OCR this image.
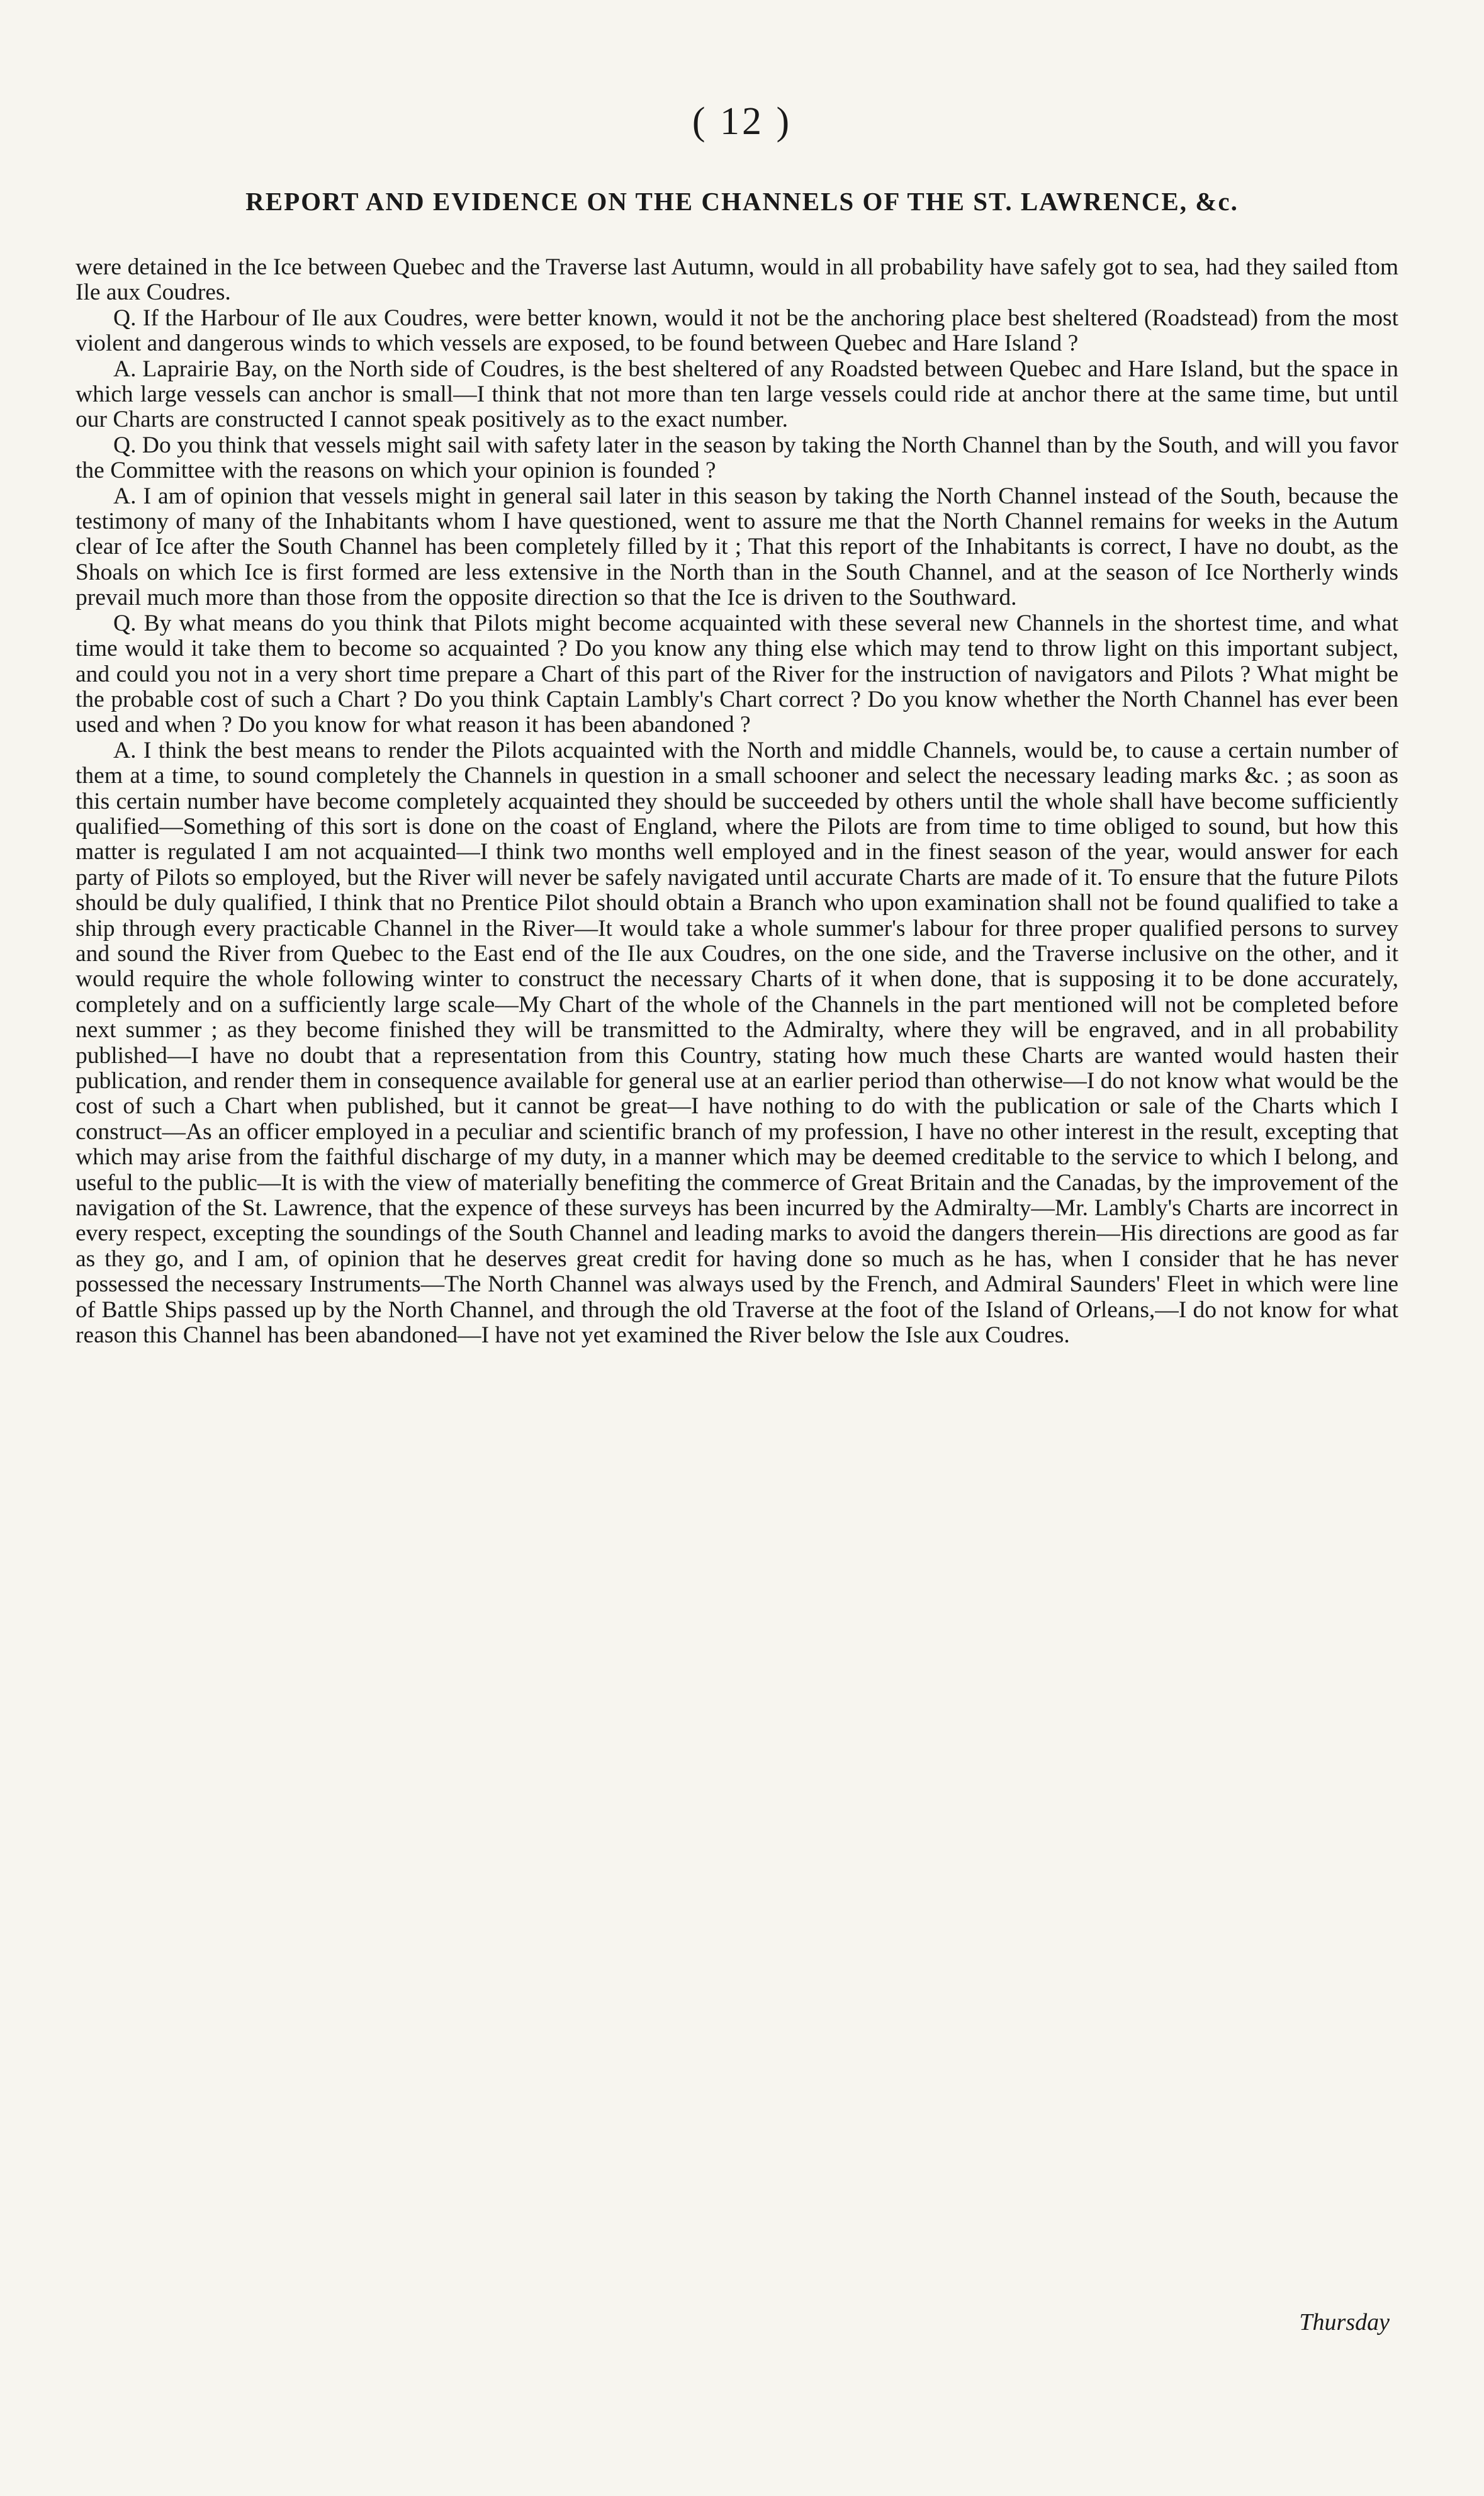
( 12 )
REPORT AND EVIDENCE ON THE CHANNELS OF THE ST. LAWRENCE, &c.

were detained in the Ice between Quebec and the Traverse last Autumn, would in all probability have safely got to sea, had they sailed ftom Ile aux Coudres.

Q. If the Harbour of Ile aux Coudres, were better known, would it not be the anchoring place best sheltered (Roadstead) from the most violent and dangerous winds to which vessels are exposed, to be found between Quebec and Hare Island ?

A. Laprairie Bay, on the North side of Coudres, is the best sheltered of any Roadsted between Quebec and Hare Island, but the space in which large vessels can anchor is small—I think that not more than ten large vessels could ride at anchor there at the same time, but until our Charts are constructed I cannot speak positively as to the exact number.

Q. Do you think that vessels might sail with safety later in the season by taking the North Channel than by the South, and will you favor the Committee with the reasons on which your opinion is founded ?

A. I am of opinion that vessels might in general sail later in this season by taking the North Channel instead of the South, because the testimony of many of the Inhabitants whom I have questioned, went to assure me that the North Channel remains for weeks in the Autum clear of Ice after the South Channel has been completely filled by it ; That this report of the Inhabitants is correct, I have no doubt, as the Shoals on which Ice is first formed are less extensive in the North than in the South Channel, and at the season of Ice Northerly winds prevail much more than those from the opposite direction so that the Ice is driven to the Southward.

Q. By what means do you think that Pilots might become acquainted with these several new Channels in the shortest time, and what time would it take them to become so acquainted ? Do you know any thing else which may tend to throw light on this important subject, and could you not in a very short time prepare a Chart of this part of the River for the instruction of navigators and Pilots ? What might be the probable cost of such a Chart ? Do you think Captain Lambly's Chart correct ? Do you know whether the North Channel has ever been used and when ? Do you know for what reason it has been abandoned ?

A. I think the best means to render the Pilots acquainted with the North and middle Channels, would be, to cause a certain number of them at a time, to sound completely the Channels in question in a small schooner and select the necessary leading marks &c. ; as soon as this certain number have become completely acquainted they should be succeeded by others until the whole shall have become sufficiently qualified—Something of this sort is done on the coast of England, where the Pilots are from time to time obliged to sound, but how this matter is regulated I am not acquainted—I think two months well employed and in the finest season of the year, would answer for each party of Pilots so employed, but the River will never be safely navigated until accurate Charts are made of it. To ensure that the future Pilots should be duly qualified, I think that no Prentice Pilot should obtain a Branch who upon examination shall not be found qualified to take a ship through every practicable Channel in the River—It would take a whole summer's labour for three proper qualified persons to survey and sound the River from Quebec to the East end of the Ile aux Coudres, on the one side, and the Traverse inclusive on the other, and it would require the whole following winter to construct the necessary Charts of it when done, that is supposing it to be done accurately, completely and on a sufficiently large scale—My Chart of the whole of the Channels in the part mentioned will not be completed before next summer ; as they become finished they will be transmitted to the Admiralty, where they will be engraved, and in all probability published—I have no doubt that a representation from this Country, stating how much these Charts are wanted would hasten their publication, and render them in consequence available for general use at an earlier period than otherwise—I do not know what would be the cost of such a Chart when published, but it cannot be great—I have nothing to do with the publication or sale of the Charts which I construct—As an officer employed in a peculiar and scientific branch of my profession, I have no other interest in the result, excepting that which may arise from the faithful discharge of my duty, in a manner which may be deemed creditable to the service to which I belong, and useful to the public—It is with the view of materially benefiting the commerce of Great Britain and the Canadas, by the improvement of the navigation of the St. Lawrence, that the expence of these surveys has been incurred by the Admiralty—Mr. Lambly's Charts are incorrect in every respect, excepting the soundings of the South Channel and leading marks to avoid the dangers therein—His directions are good as far as they go, and I am, of opinion that he deserves great credit for having done so much as he has, when I consider that he has never possessed the necessary Instruments—The North Channel was always used by the French, and Admiral Saunders' Fleet in which were line of Battle Ships passed up by the North Channel, and through the old Traverse at the foot of the Island of Orleans,—I do not know for what reason this Channel has been abandoned—I have not yet examined the River below the Isle aux Coudres.

Thursday
